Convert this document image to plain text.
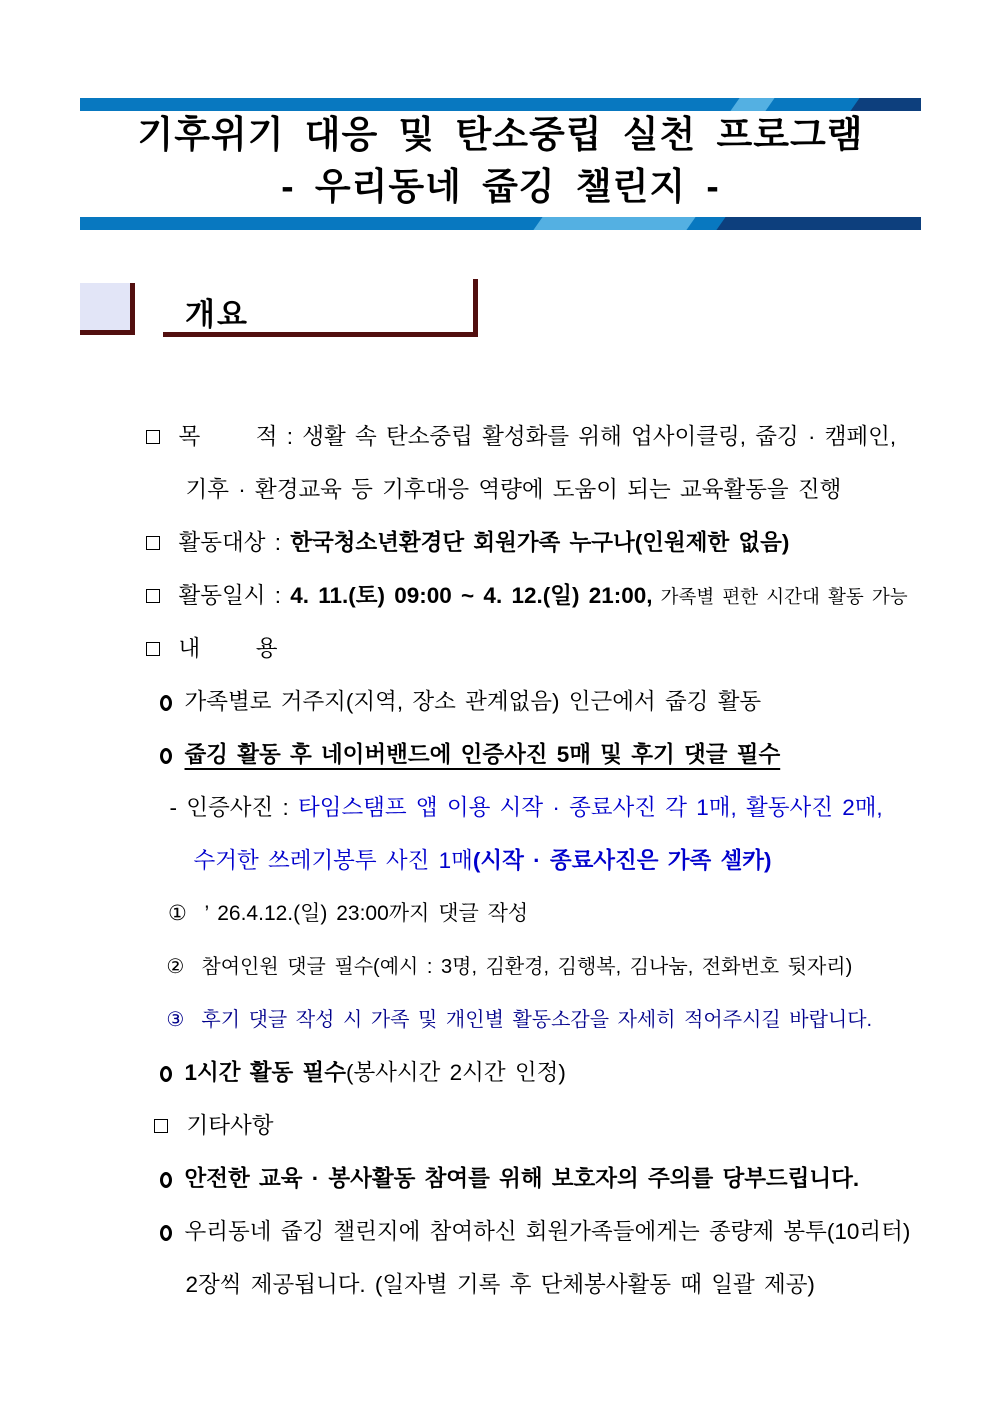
기후위기 대응 및 탄소중립 실천 프로그램
- 우리동네 줍깅 챌린지 -
개요

목      적 : 생활 속 탄소중립 활성화를 위해 업사이클링, 줍깅 · 캠페인,

기후 · 환경교육 등 기후대응 역량에 도움이 되는 교육활동을 진행

활동대상 : 한국청소년환경단 회원가족 누구나(인원제한 없음)

활동일시 : 4. 11.(토) 09:00 ~ 4. 12.(일) 21:00, 가족별 편한 시간대 활동 가능

내      용

가족별로 거주지(지역, 장소 관계없음) 인근에서 줍깅 활동

줍깅 활동 후 네이버밴드에 인증사진 5매 및 후기 댓글 필수

- 인증사진 : 타임스탬프 앱 이용 시작 · 종료사진 각 1매, 활동사진 2매,

수거한 쓰레기봉투 사진 1매(시작 · 종료사진은 가족 셀카)

①  ’ 26.4.12.(일) 23:00까지 댓글 작성

②  참여인원 댓글 필수(예시 : 3명, 김환경, 김행복, 김나눔, 전화번호 뒷자리)

③  후기 댓글 작성 시 가족 및 개인별 활동소감을 자세히 적어주시길 바랍니다.

1시간 활동 필수(봉사시간 2시간 인정)

기타사항

안전한 교육 · 봉사활동 참여를 위해 보호자의 주의를 당부드립니다.

우리동네 줍깅 챌린지에 참여하신 회원가족들에게는 종량제 봉투(10리터)

2장씩 제공됩니다. (일자별 기록 후 단체봉사활동 때 일괄 제공)
